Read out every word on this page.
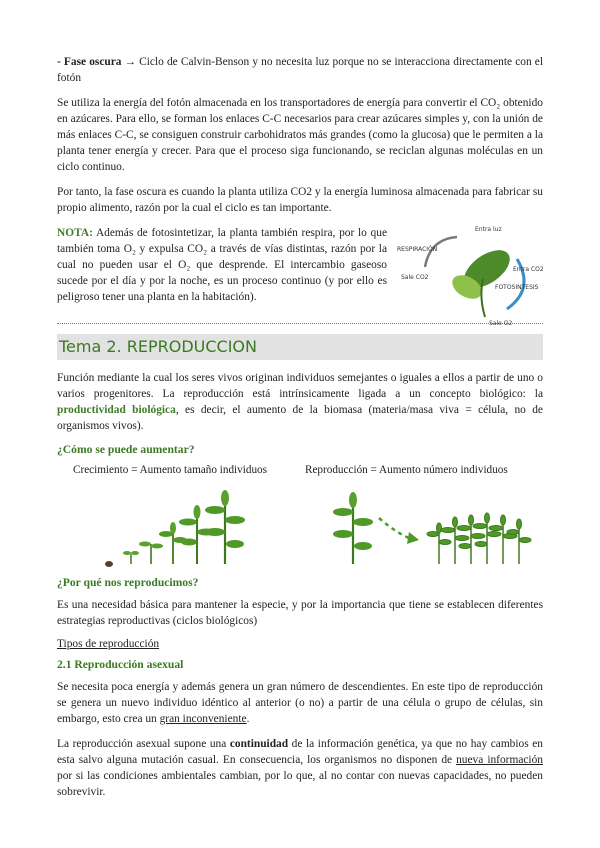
- Fase oscura → Ciclo de Calvin-Benson y no necesita luz porque no se interacciona directamente con el fotón

Se utiliza la energía del fotón almacenada en los transportadores de energía para convertir el CO₂ obtenido en azúcares. Para ello, se forman los enlaces C-C necesarios para crear azúcares simples y, con la unión de más enlaces C-C, se consiguen construir carbohidratos más grandes (como la glucosa) que le permiten a la planta tener energía y crecer. Para que el proceso siga funcionando, se reciclan algunas moléculas en un ciclo continuo.

Por tanto, la fase oscura es cuando la planta utiliza CO2 y la energía luminosa almacenada para fabricar su propio alimento, razón por la cual el ciclo es tan importante.

NOTA: Además de fotosintetizar, la planta también respira, por lo que también toma O₂ y expulsa CO₂ a través de vías distintas, razón por la cual no pueden usar el O₂ que desprende. El intercambio gaseoso sucede por el día y por la noche, es un proceso continuo (y por ello es peligroso tener una planta en la habitación).
Entra luz
RESPIRACIÓN
Sale CO2
Entra CO2
FOTOSINTESIS
Sale O2
Tema 2. REPRODUCCION

Función mediante la cual los seres vivos originan individuos semejantes o iguales a ellos a partir de uno o varios progenitores. La reproducción está intrínsicamente ligada a un concepto biológico: la productividad biológica, es decir, el aumento de la biomasa (materia/masa viva = célula, no de organismos vivos).

¿Cómo se puede aumentar?
Crecimiento = Aumento tamaño individuos	Reproducción = Aumento número individuos
¿Por qué nos reproducimos?

Es una necesidad básica para mantener la especie, y por la importancia que tiene se establecen diferentes estrategias reproductivas (ciclos biológicos)

Tipos de reproducción
2.1 Reproducción asexual

Se necesita poca energía y además genera un gran número de descendientes. En este tipo de reproducción se genera un nuevo individuo idéntico al anterior (o no) a partir de una célula o grupo de células, sin embargo, esto crea un gran inconveniente.

La reproducción asexual supone una continuidad de la información genética, ya que no hay cambios en esta salvo alguna mutación casual. En consecuencia, los organismos no disponen de nueva información por si las condiciones ambientales cambian, por lo que, al no contar con nuevas capacidades, no pueden sobrevivir.
